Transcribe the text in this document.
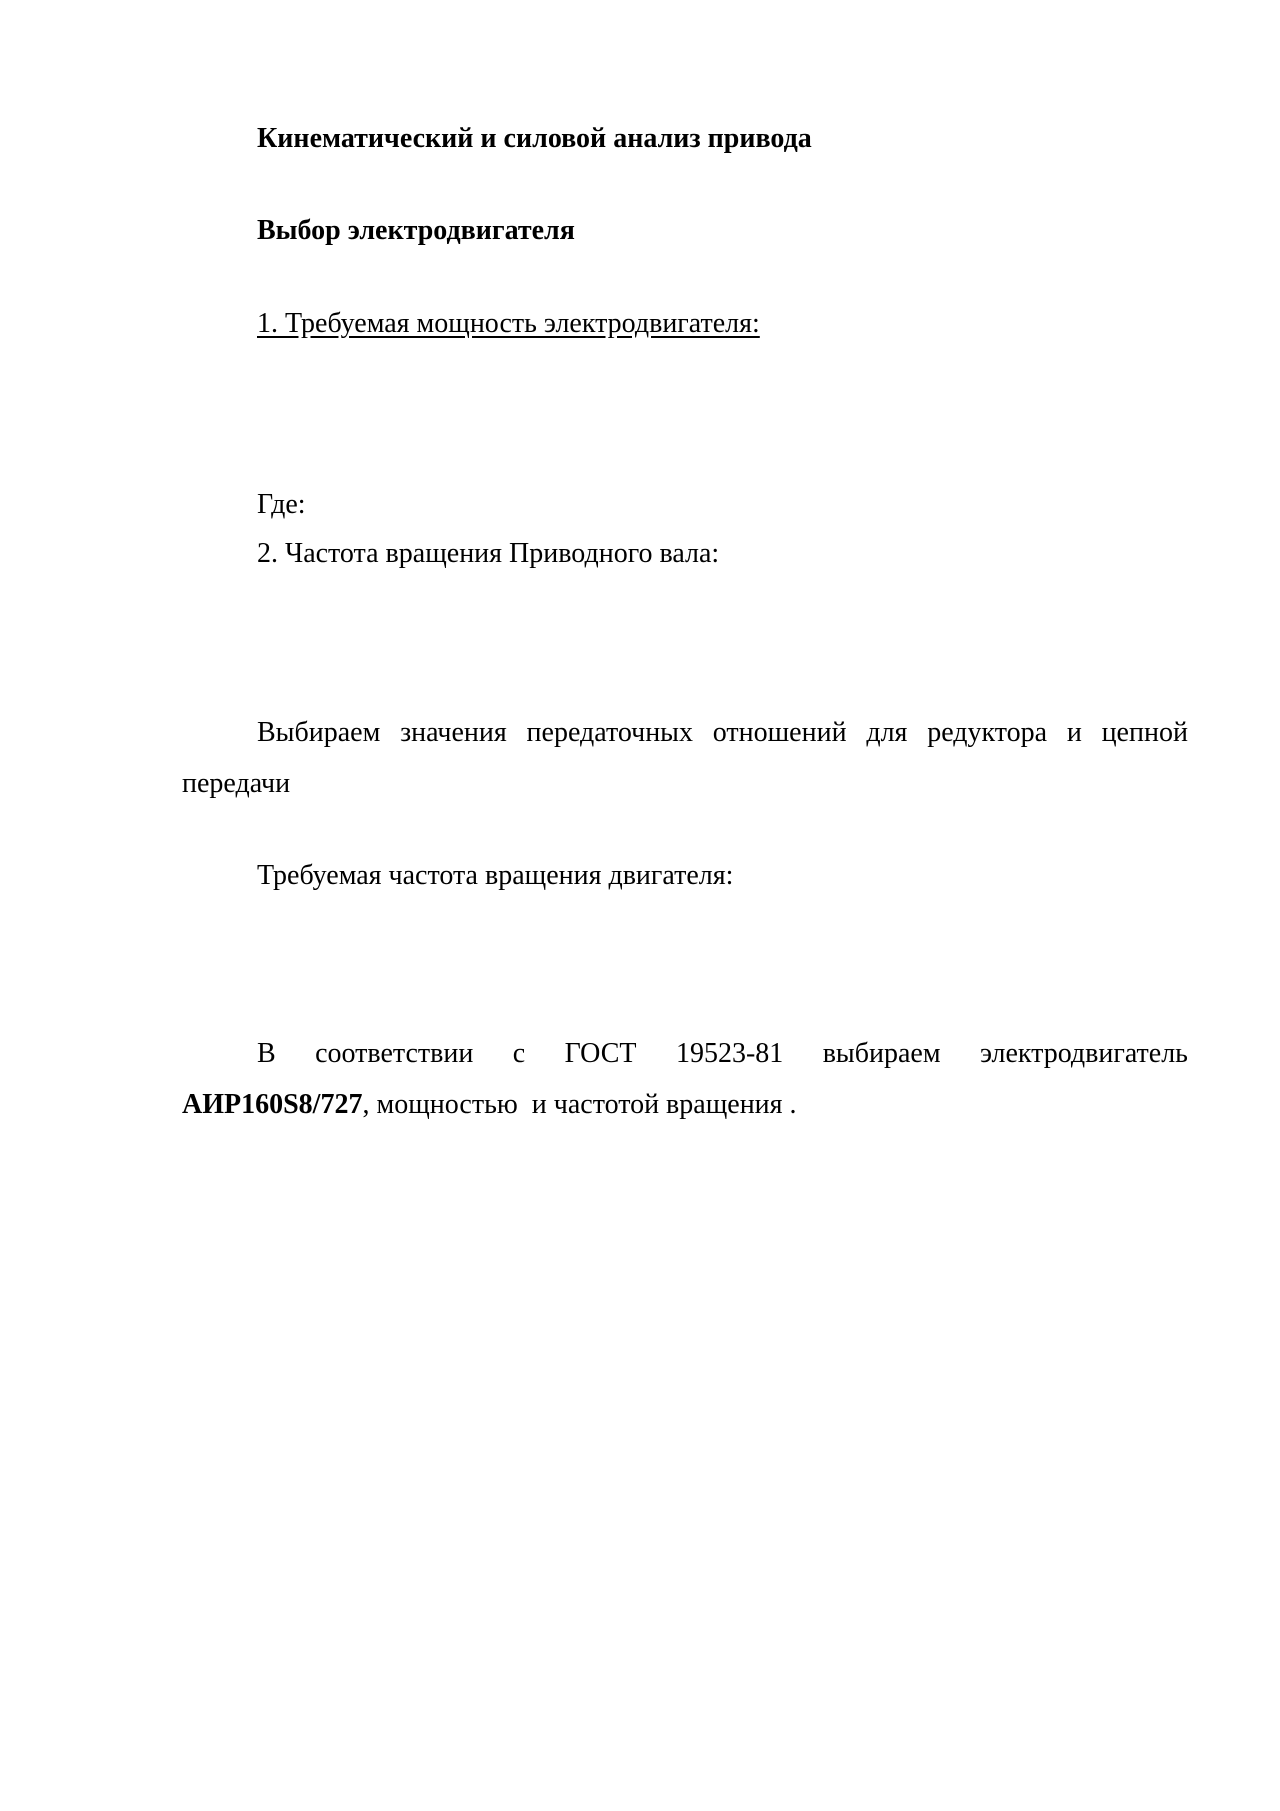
Кинематический и силовой анализ привода
Выбор электродвигателя
1. Требуемая мощность электродвигателя:
Где:
2. Частота вращения Приводного вала:
Выбираем значения передаточных отношений для редуктора и цепной
передачи
Требуемая частота вращения двигателя:
В соответствии с ГОСТ 19523-81 выбираем электродвигатель
АИР160S8/727, мощностью  и частотой вращения .
